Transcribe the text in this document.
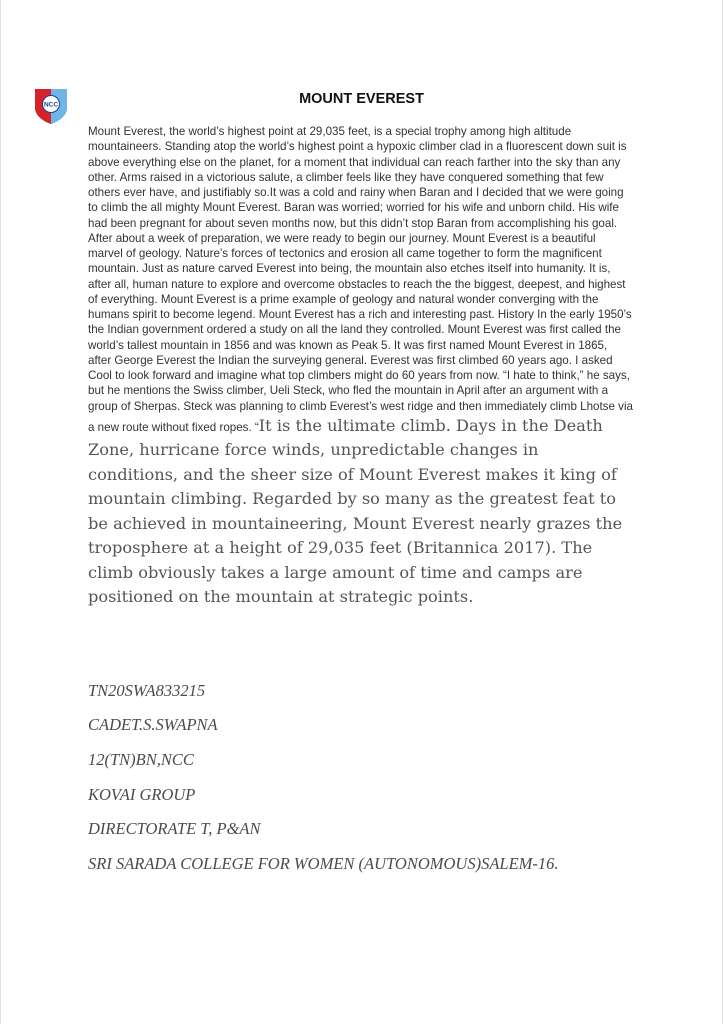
NCC	MOUNT EVEREST

Mount Everest, the world’s highest point at 29,035 feet, is a special trophy among high altitude mountaineers. Standing atop the world’s highest point a hypoxic climber clad in a fluorescent down suit is above everything else on the planet, for a moment that individual can reach farther into the sky than any other. Arms raised in a victorious salute, a climber feels like they have conquered something that few others ever have, and justifiably so.It was a cold and rainy when Baran and I decided that we were going to climb the all mighty Mount Everest. Baran was worried; worried for his wife and unborn child. His wife had been pregnant for about seven months now, but this didn’t stop Baran from accomplishing his goal. After about a week of preparation, we were ready to begin our journey. Mount Everest is a beautiful marvel of geology. Nature’s forces of tectonics and erosion all came together to form the magnificent mountain. Just as nature carved Everest into being, the mountain also etches itself into humanity. It is, after all, human nature to explore and overcome obstacles to reach the the biggest, deepest, and highest of everything. Mount Everest is a prime example of geology and natural wonder converging with the humans spirit to become legend. Mount Everest has a rich and interesting past. History In the early 1950’s the Indian government ordered a study on all the land they controlled. Mount Everest was first called the world’s tallest mountain in 1856 and was known as Peak 5. It was first named Mount Everest in 1865, after George Everest the Indian the surveying general. Everest was first climbed 60 years ago. I asked Cool to look forward and imagine what top climbers might do 60 years from now. “I hate to think,” he says, but he mentions the Swiss climber, Ueli Steck, who fled the mountain in April after an argument with a group of Sherpas. Steck was planning to climb Everest’s west ridge and then immediately climb Lhotse via a new route without fixed ropes. “It is the ultimate climb. Days in the Death Zone, hurricane force winds, unpredictable changes in conditions, and the sheer size of Mount Everest makes it king of mountain climbing. Regarded by so many as the greatest feat to be achieved in mountaineering, Mount Everest nearly grazes the troposphere at a height of 29,035 feet (Britannica 2017). The climb obviously takes a large amount of time and camps are positioned on the mountain at strategic points.

TN20SWA833215

CADET.S.SWAPNA

12(TN)BN,NCC

KOVAI GROUP

DIRECTORATE T, P&AN

SRI SARADA COLLEGE FOR WOMEN (AUTONOMOUS)SALEM-16.
